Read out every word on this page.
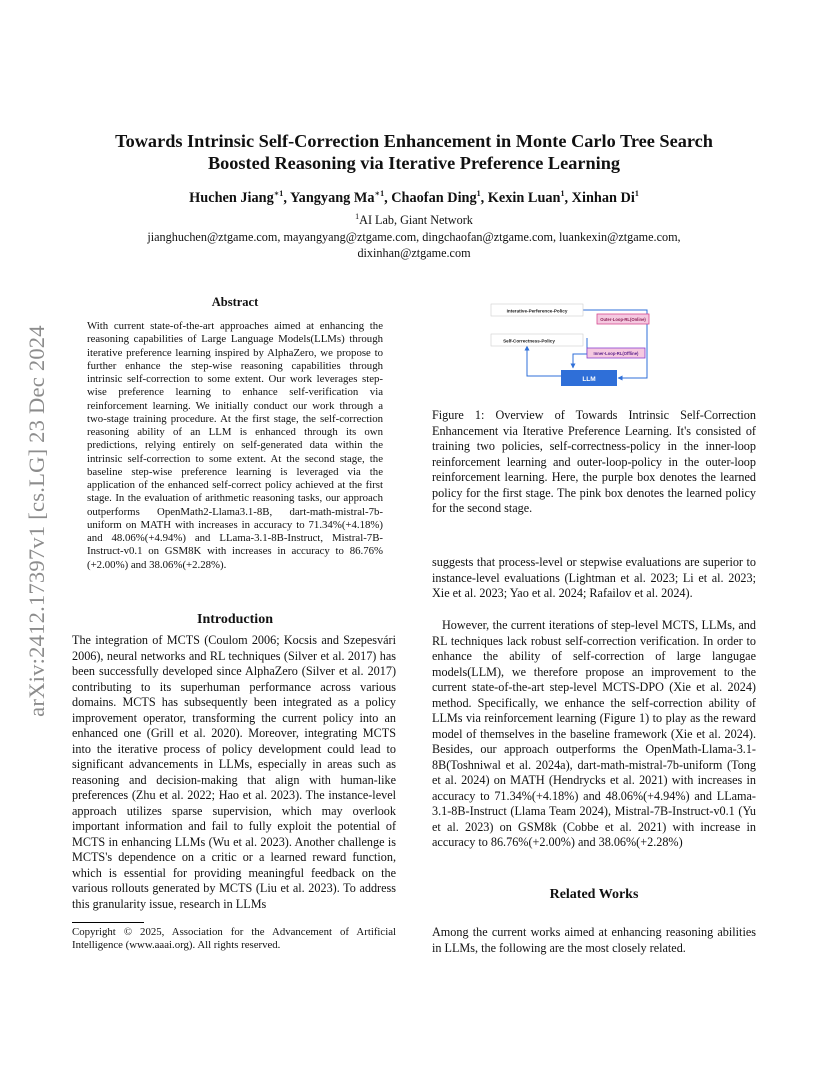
arXiv:2412.17397v1 [cs.LG] 23 Dec 2024
Towards Intrinsic Self-Correction Enhancement in Monte Carlo Tree Search
Boosted Reasoning via Iterative Preference Learning
Huchen Jiang$^{∗1}$, Yangyang $Ma^{∗1}$, Chaofan Ding$^1$, Kexin Luan$^1$, Xinhan Di$^1$
$^1$AI Lab, Giant Network
jianghuchen@ztgame.com, mayangyang@ztgame.com, dingchaofan@ztgame.com, luankexin@ztgame.com,
dixinhan@ztgame.com
Abstract
With current state-of-the-art approaches aimed at enhancing the reasoning capabilities of Large Language Models(LLMs) through iterative preference learning inspired by AlphaZero, we propose to further enhance the step-wise reasoning capabilities through intrinsic self-correction to some extent. Our work leverages step-wise preference learning to enhance self-verification via reinforcement learning. We initially conduct our work through a two-stage training procedure. At the first stage, the self-correction reasoning ability of an LLM is enhanced through its own predictions, relying entirely on self-generated data within the intrinsic self-correction to some extent. At the second stage, the baseline step-wise preference learning is leveraged via the application of the enhanced self-correct policy achieved at the first stage. In the evaluation of arithmetic reasoning tasks, our approach outperforms OpenMath2-Llama3.1-8B, dart-math-mistral-7b-uniform on MATH with increases in accuracy to 71.34%(+4.18%) and 48.06%(+4.94%) and LLama-3.1-8B-Instruct, Mistral-7B-Instruct-v0.1 on GSM8K with increases in accuracy to 86.76%(+2.00%) and 38.06%(+2.28%).
Introduction
The integration of MCTS (Coulom 2006; Kocsis and Szepesvári 2006), neural networks and RL techniques (Silver et al. 2017) has been successfully developed since AlphaZero (Silver et al. 2017) contributing to its superhuman performance across various domains. MCTS has subsequently been integrated as a policy improvement operator, transforming the current policy into an enhanced one (Grill et al. 2020). Moreover, integrating MCTS into the iterative process of policy development could lead to significant advancements in LLMs, especially in areas such as reasoning and decision-making that align with human-like preferences (Zhu et al. 2022; Hao et al. 2023). The instance-level approach utilizes sparse supervision, which may overlook important information and fail to fully exploit the potential of MCTS in enhancing LLMs (Wu et al. 2023). Another challenge is MCTS's dependence on a critic or a learned reward function, which is essential for providing meaningful feedback on the various rollouts generated by MCTS (Liu et al. 2023). To address this granularity issue, research in LLMs
Copyright © 2025, Association for the Advancement of Artificial Intelligence (www.aaai.org). All rights reserved.
Interative-Perference-Policy
Outer-Loop-RL(Online)
Self-Correctness-Policy
Inner-Loop-RL(Offline)
LLM
Figure 1: Overview of Towards Intrinsic Self-Correction Enhancement via Iterative Preference Learning. It's consisted of training two policies, self-correctness-policy in the inner-loop reinforcement learning and outer-loop-policy in the outer-loop reinforcement learning. Here, the purple box denotes the learned policy for the first stage. The pink box denotes the learned policy for the second stage.
suggests that process-level or stepwise evaluations are superior to instance-level evaluations (Lightman et al. 2023; Li et al. 2023; Xie et al. 2023; Yao et al. 2024; Rafailov et al. 2024).
However, the current iterations of step-level MCTS, LLMs, and RL techniques lack robust self-correction verification. In order to enhance the ability of self-correction of large langugae models(LLM), we therefore propose an improvement to the current state-of-the-art step-level MCTS-DPO (Xie et al. 2024) method. Specifically, we enhance the self-correction ability of LLMs via reinforcement learning (Figure 1) to play as the reward model of themselves in the baseline framework (Xie et al. 2024). Besides, our approach outperforms the OpenMath-Llama-3.1-8B(Toshniwal et al. 2024a), dart-math-mistral-7b-uniform (Tong et al. 2024) on MATH (Hendrycks et al. 2021) with increases in accuracy to 71.34%(+4.18%) and 48.06%(+4.94%) and LLama-3.1-8B-Instruct (Llama Team 2024), Mistral-7B-Instruct-v0.1 (Yu et al. 2023) on GSM8k (Cobbe et al. 2021) with increase in accuracy to 86.76%(+2.00%) and 38.06%(+2.28%)
Related Works
Among the current works aimed at enhancing reasoning abilities in LLMs, the following are the most closely related.
